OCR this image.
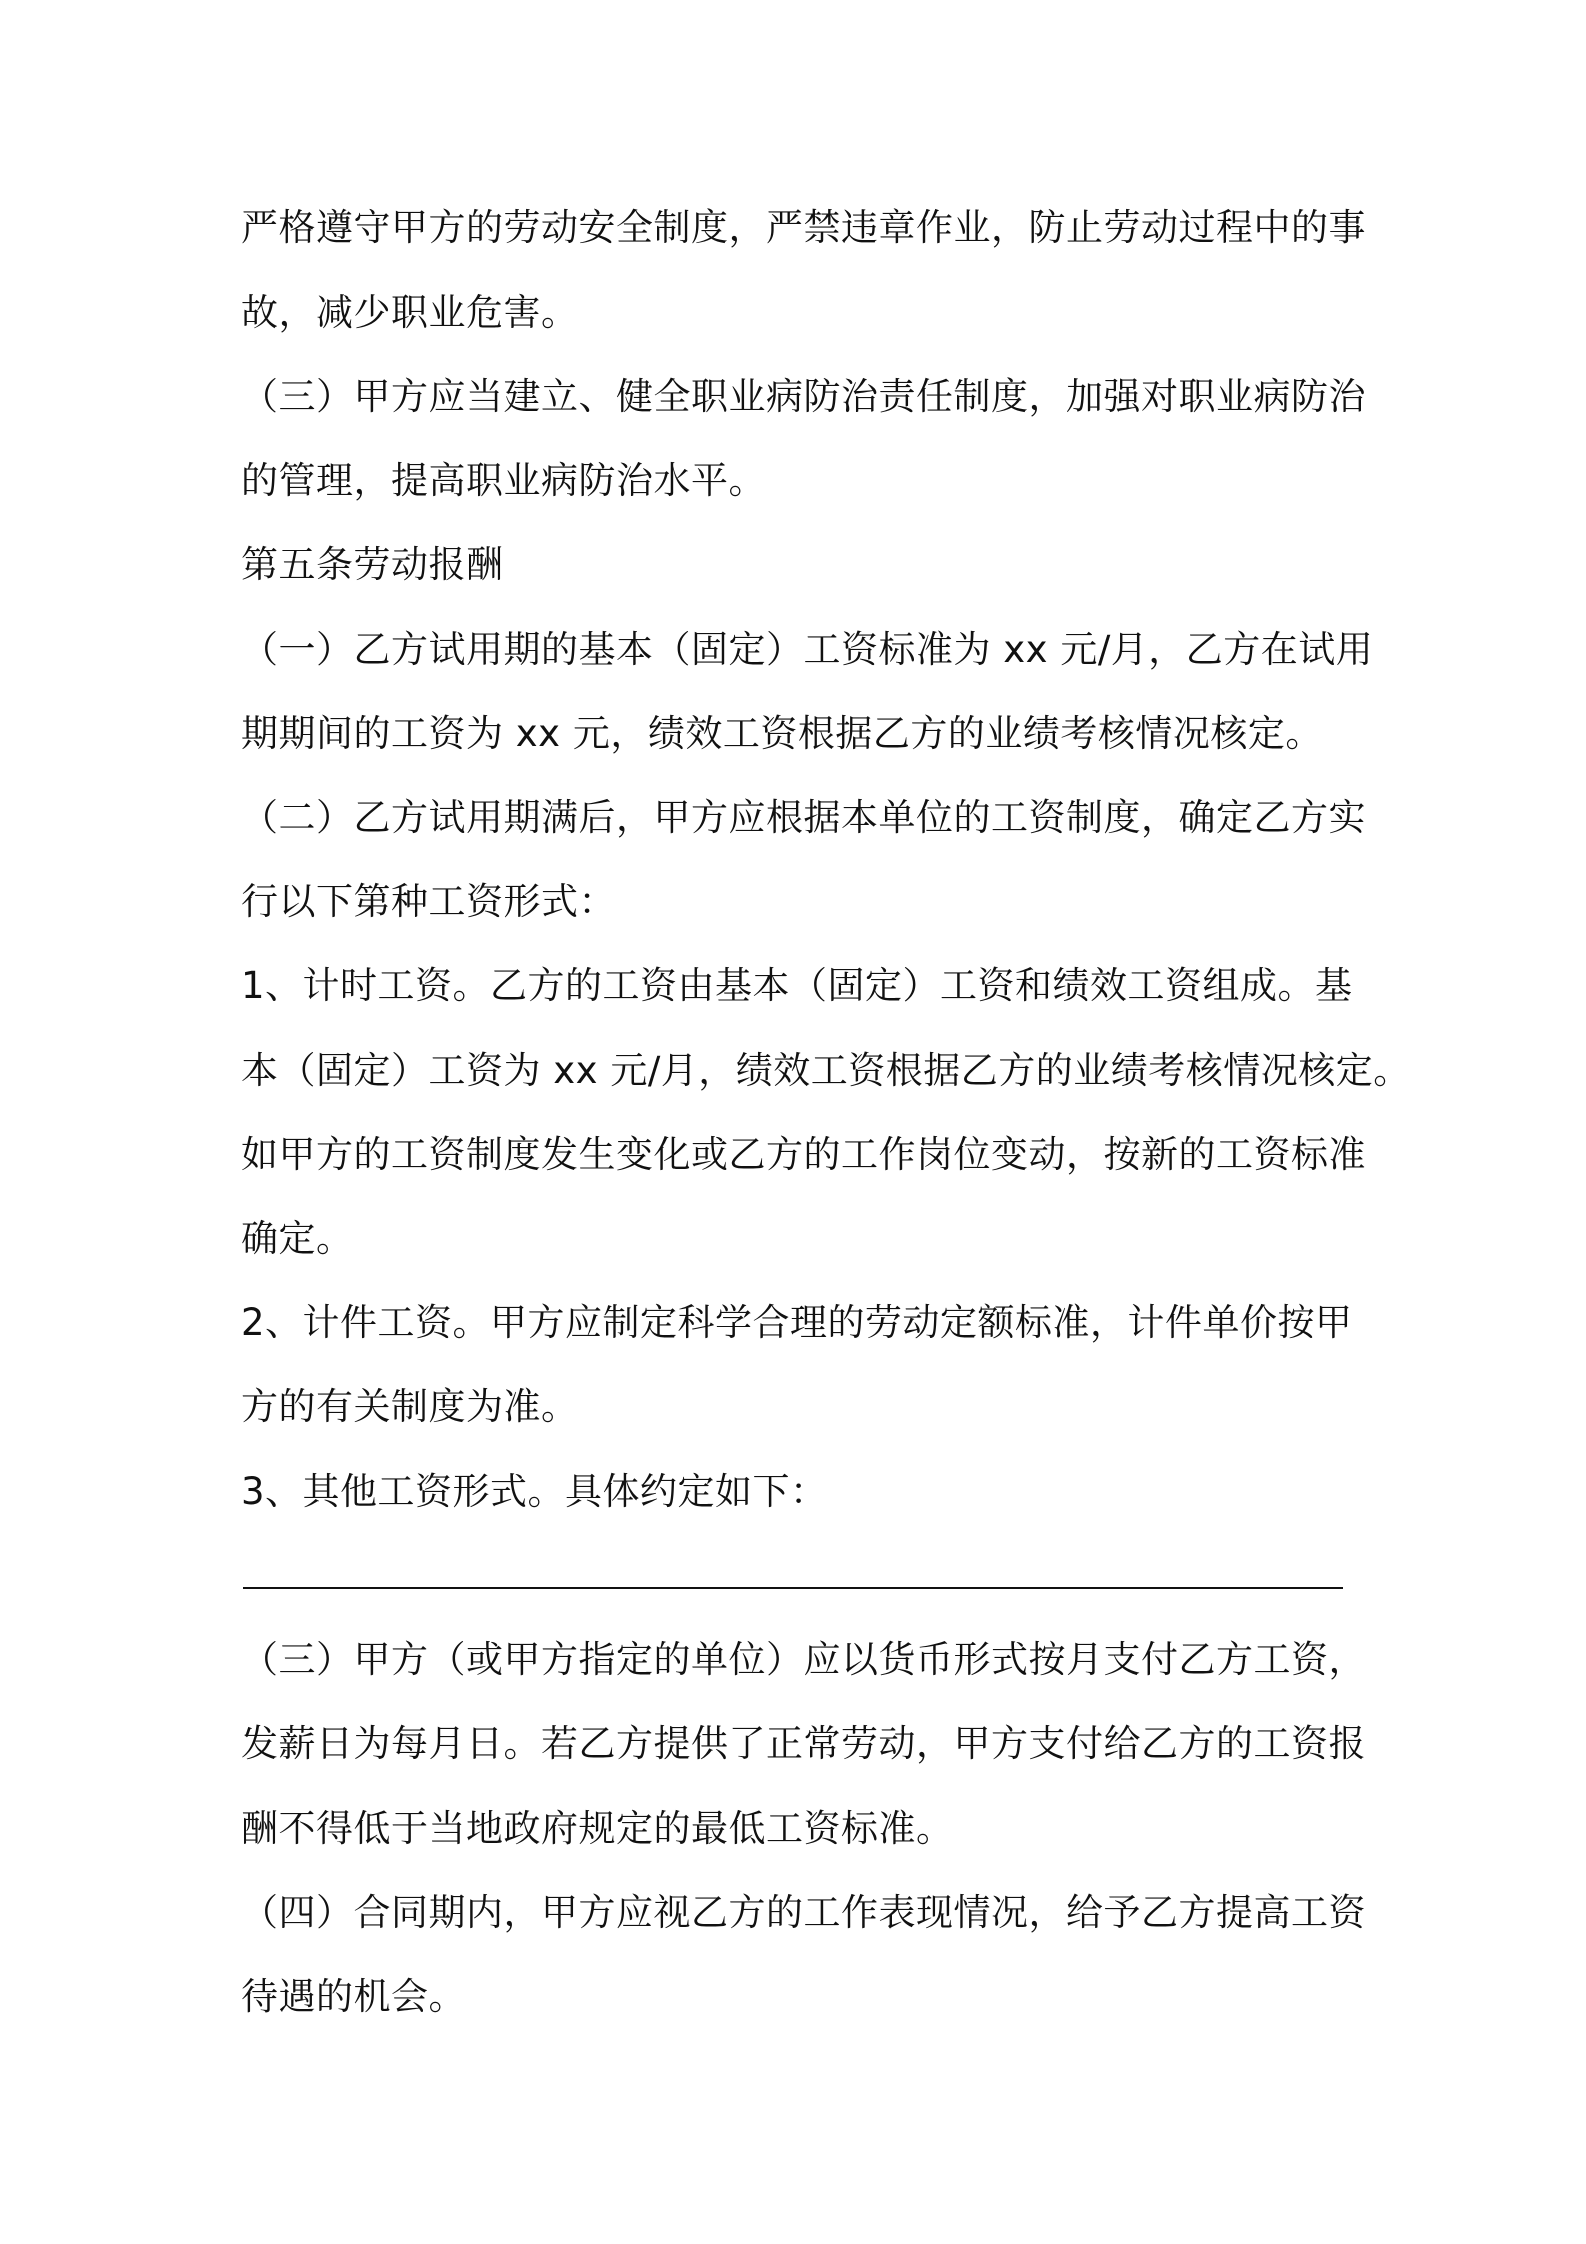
严格遵守甲方的劳动安全制度，严禁违章作业，防止劳动过程中的事
故，减少职业危害。
（三）甲方应当建立、健全职业病防治责任制度，加强对职业病防治
的管理，提高职业病防治水平。
第五条劳动报酬
（一）乙方试用期的基本（固定）工资标准为 xx 元/月，乙方在试用
期期间的工资为 xx 元，绩效工资根据乙方的业绩考核情况核定。
（二）乙方试用期满后，甲方应根据本单位的工资制度，确定乙方实
行以下第种工资形式：
1、计时工资。乙方的工资由基本（固定）工资和绩效工资组成。基
本（固定）工资为 xx 元/月，绩效工资根据乙方的业绩考核情况核定。
如甲方的工资制度发生变化或乙方的工作岗位变动，按新的工资标准
确定。
2、计件工资。甲方应制定科学合理的劳动定额标准，计件单价按甲
方的有关制度为准。
3、其他工资形式。具体约定如下：
（三）甲方（或甲方指定的单位）应以货币形式按月支付乙方工资，
发薪日为每月日。若乙方提供了正常劳动，甲方支付给乙方的工资报
酬不得低于当地政府规定的最低工资标准。
（四）合同期内，甲方应视乙方的工作表现情况，给予乙方提高工资
待遇的机会。
